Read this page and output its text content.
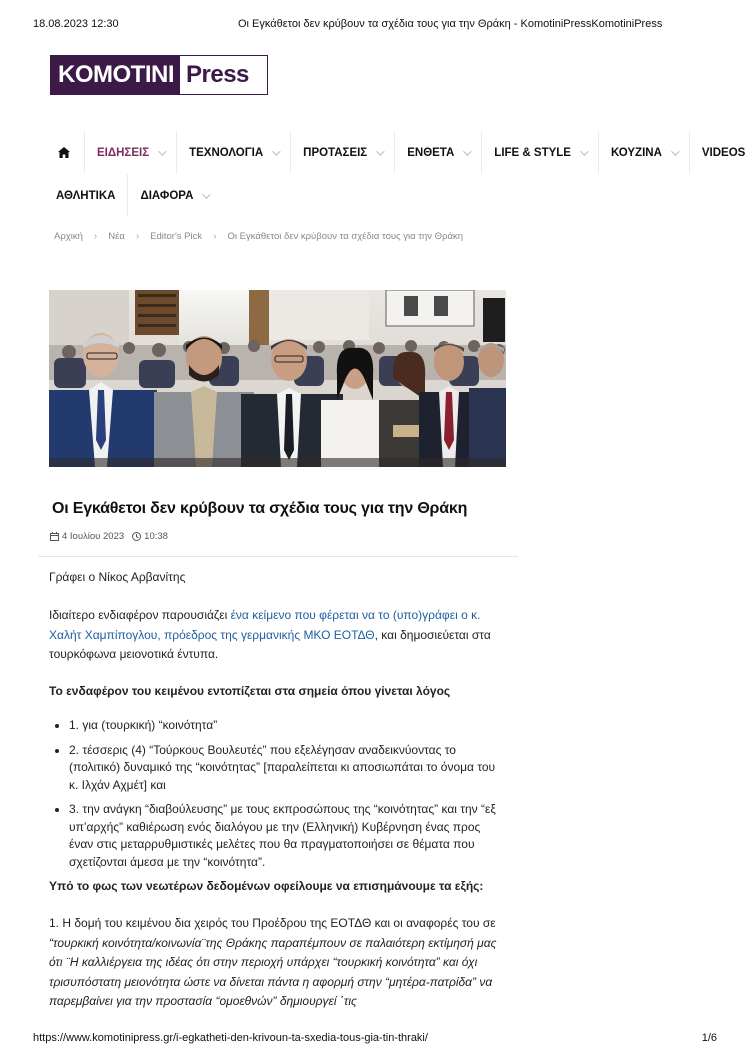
18.08.2023 12:30	Οι Εγκάθετοι δεν κρύβουν τα σχέδια τους για την Θράκη - KomotiniPressKomotiniPress
KOMOTINI Press
ΕΙΔΗΣΕΙΣ	ΤΕΧΝΟΛΟΓΙΑ	ΠΡΟΤΑΣΕΙΣ	ΕΝΘΕΤΑ	LIFE & STYLE	ΚΟΥΖΙΝΑ	VIDEOS
ΑΘΛΗΤΙΚΑ ΔΙΑΦΟΡΑ
Αρχική › Νέα › Editor's Pick › Οι Εγκάθετοι δεν κρύβουν τα σχέδια τους για την Θράκη
Οι Εγκάθετοι δεν κρύβουν τα σχέδια τους για την Θράκη
4 Ιουλίου 2023 10:38

Γράφει ο Νίκος Αρβανίτης

Ιδιαίτερο ενδιαφέρον παρουσιάζει ένα κείμενο που φέρεται να το (υπο)γράφει ο κ. Χαλήτ Χαμπίπογλου, πρόεδρος της γερμανικής ΜΚΟ ΕΟΤΔΘ, και δημοσιεύεται στα τουρκόφωνα μειονοτικά έντυπα.

Το ενδαφέρον του κειμένου εντοπίζεται στα σημεία όπου γίνεται λόγος

• 1. για (τουρκική) “κοινότητα”
• 2. τέσσερις (4) “Τούρκους Βουλευτές” που εξελέγησαν αναδεικνύοντας το (πολιτικό) δυναμικό της “κοινότητας” [παραλείπεται κι αποσιωπάται το όνομα του κ. Ιλχάν Αχμέτ] και
• 3. την ανάγκη “διαβούλευσης” με τους εκπροσώπους της “κοινότητας” και την “εξ υπ’αρχής” καθιέρωση ενός διαλόγου με την (Ελληνική) Κυβέρνηση ένας προς έναν στις μεταρρυθμιστικές μελέτες που θα πραγματοποιήσει σε θέματα που σχετίζονται άμεσα με την “κοινότητα”.

Υπό το φως των νεωτέρων δεδομένων οφείλουμε να επισημάνουμε τα εξής:

1. Η δομή του κειμένου δια χειρός του Προέδρου της ΕΟΤΔΘ και οι αναφορές του σε “τουρκική κοινότητα/κοινωνία¨της Θράκης παραπέμπουν σε παλαιότερη εκτίμησή μας ότι ¨Η καλλιέργεια της ιδέας ότι στην περιοχή υπάρχει “τουρκική κοινότητα” και όχι τρισυπόστατη μειονότητα ώστε να δίνεται πάντα η αφορμή στην “μητέρα-πατρίδα” να παρεμβαίνει για την προστασία “ομοεθνών” δημιουργεί ΄τις

https://www.komotinipress.gr/i-egkatheti-den-krivoun-ta-sxedia-tous-gia-tin-thraki/	1/6
